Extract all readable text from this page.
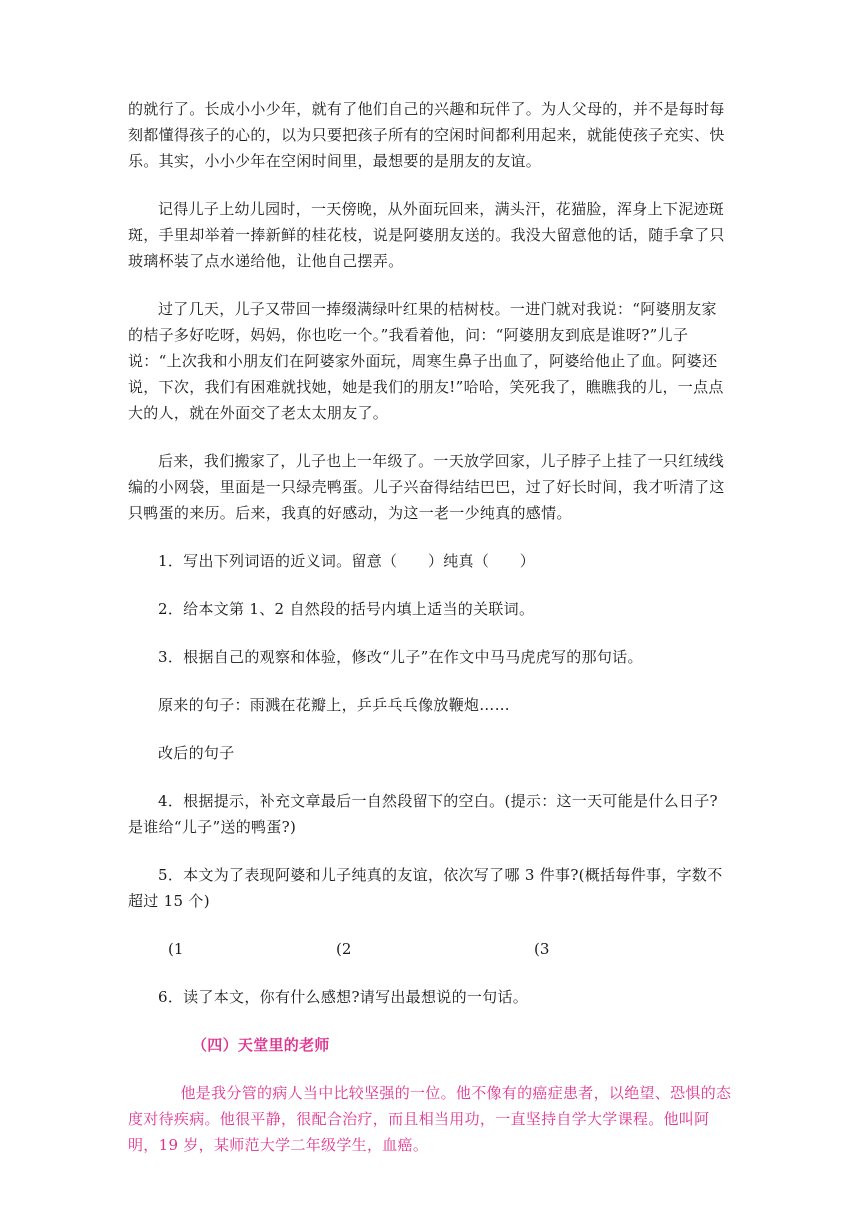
的就行了。长成小小少年，就有了他们自己的兴趣和玩伴了。为人父母的，并不是每时每刻都懂得孩子的心的，以为只要把孩子所有的空闲时间都利用起来，就能使孩子充实、快乐。其实，小小少年在空闲时间里，最想要的是朋友的友谊。

记得儿子上幼儿园时，一天傍晚，从外面玩回来，满头汗，花猫脸，浑身上下泥迹斑斑，手里却举着一捧新鲜的桂花枝，说是阿婆朋友送的。我没大留意他的话，随手拿了只玻璃杯装了点水递给他，让他自己摆弄。

过了几天，儿子又带回一捧缀满绿叶红果的桔树枝。一进门就对我说：“阿婆朋友家的桔子多好吃呀，妈妈，你也吃一个。”我看着他，问：“阿婆朋友到底是谁呀?”儿子说：“上次我和小朋友们在阿婆家外面玩，周寒生鼻子出血了，阿婆给他止了血。阿婆还说，下次，我们有困难就找她，她是我们的朋友!”哈哈，笑死我了，瞧瞧我的儿，一点点大的人，就在外面交了老太太朋友了。

后来，我们搬家了，儿子也上一年级了。一天放学回家，儿子脖子上挂了一只红绒线编的小网袋，里面是一只绿壳鸭蛋。儿子兴奋得结结巴巴，过了好长时间，我才听清了这只鸭蛋的来历。后来，我真的好感动，为这一老一少纯真的感情。

1．写出下列词语的近义词。留意（　　）纯真（　　）

2．给本文第 1、2 自然段的括号内填上适当的关联词。

3．根据自己的观察和体验，修改“儿子”在作文中马马虎虎写的那句话。

原来的句子：雨溅在花瓣上，乒乒乓乓像放鞭炮……

改后的句子

4．根据提示，补充文章最后一自然段留下的空白。(提示：这一天可能是什么日子?是谁给“儿子”送的鸭蛋?)

5．本文为了表现阿婆和儿子纯真的友谊，依次写了哪 3 件事?(概括每件事，字数不超过 15 个)

(1	(2	(3

6．读了本文，你有什么感想?请写出最想说的一句话。

（四）天堂里的老师

他是我分管的病人当中比较坚强的一位。他不像有的癌症患者，以绝望、恐惧的态度对待疾病。他很平静，很配合治疗，而且相当用功，一直坚持自学大学课程。他叫阿明，19 岁，某师范大学二年级学生，血癌。
